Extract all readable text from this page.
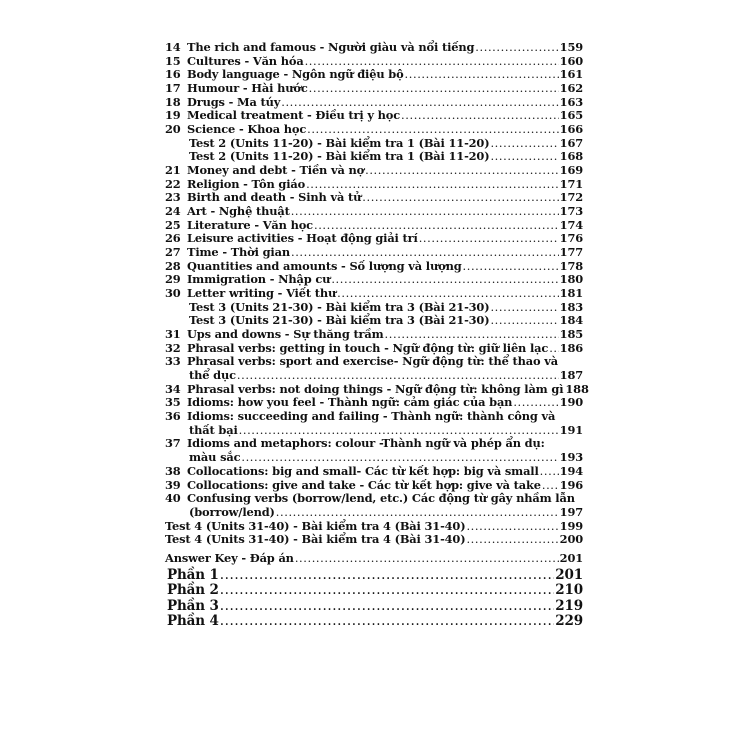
14 The rich and famous - Người giàu và nổi tiếng .....	159
15 Cultures - Văn hóa .....	160
16 Body language - Ngôn ngữ điệu bộ .....	161
17 Humour - Hài hước .....	162
18 Drugs - Ma túy .....	163
19 Medical treatment - Điều trị y học .....	165
20 Science - Khoa học .....	166
Test 2 (Units 11-20) - Bài kiểm tra 1 (Bài 11-20) .....	167
Test 2 (Units 11-20) - Bài kiểm tra 1 (Bài 11-20) .....	168
21 Money and debt - Tiền và nợ .....	169
22 Religion - Tôn giáo .....	171
23 Birth and death - Sinh và tử .....	172
24 Art - Nghệ thuật .....	173
25 Literature - Văn học .....	174
26 Leisure activities - Hoạt động giải trí .....	176
27 Time - Thời gian .....	177
28 Quantities and amounts - Số lượng và lượng .....	178
29 Immigration - Nhập cư .....	180
30 Letter writing - Viết thư .....	181
Test 3 (Units 21-30) - Bài kiểm tra 3 (Bài 21-30) .....	183
Test 3 (Units 21-30) - Bài kiểm tra 3 (Bài 21-30) .....	184
31 Ups and downs - Sự thăng trầm .....	185
32 Phrasal verbs: getting in touch - Ngữ động từ: giữ liên lạc ..... 186
33 Phrasal verbs: sport and exercise- Ngữ động từ: thể thao và
thể dục .....	187
34 Phrasal verbs: not doing things - Ngữ động từ: không làm gì 188
35 Idioms: how you feel - Thành ngữ: cảm giác của bạn .....	190
36 Idioms: succeeding and failing - Thành ngữ: thành công và
thất bại .....	191
37 Idioms and metaphors: colour -Thành ngữ và phép ẩn dụ:
màu sắc .....	193
38 Collocations: big and small- Các từ kết hợp: big và small ..... 194
39 Collocations: give and take - Các từ kết hợp: give và take ..... 196
40 Confusing verbs (borrow/lend, etc.) Các động từ gây nhầm lẫn
(borrow/lend) .....	197
Test 4 (Units 31-40) - Bài kiểm tra 4 (Bài 31-40) .....	199
Test 4 (Units 31-40) - Bài kiểm tra 4 (Bài 31-40) .....	200
Answer Key - Đáp án .....	201
Phần 1 .....	201
Phần 2 .....	210
Phần 3 .....	219
Phần 4 .....	229
